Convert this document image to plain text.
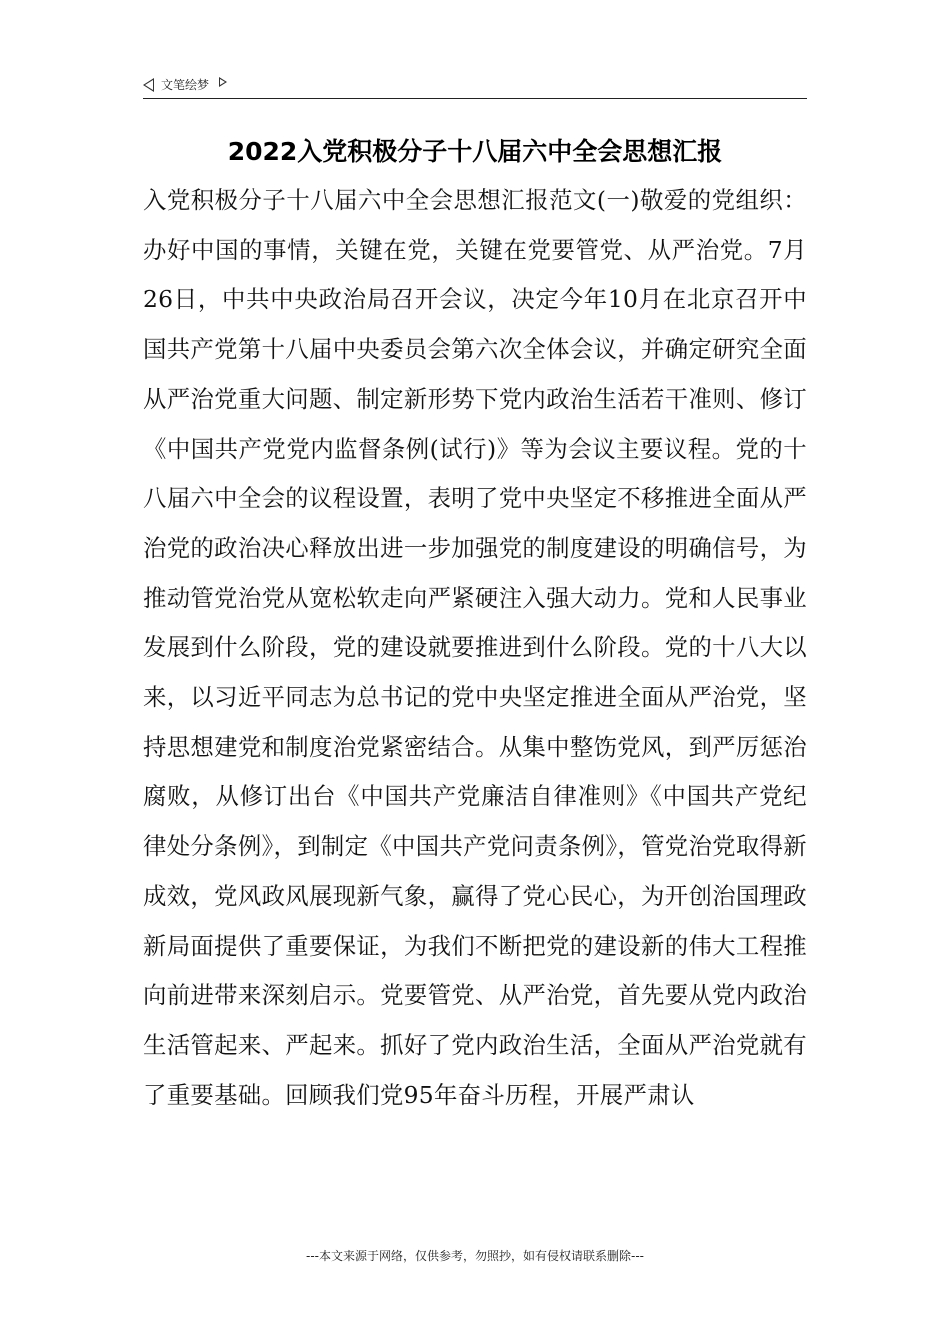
文笔绘梦
2022入党积极分子十八届六中全会思想汇报

入党积极分子十八届六中全会思想汇报范文(一)敬爱的党组织：办好中国的事情，关键在党，关键在党要管党、从严治党。7月26日，中共中央政治局召开会议，决定今年10月在北京召开中国共产党第十八届中央委员会第六次全体会议，并确定研究全面从严治党重大问题、制定新形势下党内政治生活若干准则、修订《中国共产党党内监督条例(试行)》等为会议主要议程。党的十八届六中全会的议程设置，表明了党中央坚定不移推进全面从严治党的政治决心释放出进一步加强党的制度建设的明确信号，为推动管党治党从宽松软走向严紧硬注入强大动力。党和人民事业发展到什么阶段，党的建设就要推进到什么阶段。党的十八大以来，以习近平同志为总书记的党中央坚定推进全面从严治党，坚持思想建党和制度治党紧密结合。从集中整饬党风，到严厉惩治腐败，从修订出台《中国共产党廉洁自律准则》《中国共产党纪律处分条例》，到制定《中国共产党问责条例》，管党治党取得新成效，党风政风展现新气象，赢得了党心民心，为开创治国理政新局面提供了重要保证，为我们不断把党的建设新的伟大工程推向前进带来深刻启示。党要管党、从严治党，首先要从党内政治生活管起来、严起来。抓好了党内政治生活，全面从严治党就有了重要基础。回顾我们党95年奋斗历程，开展严肃认

---本文来源于网络，仅供参考，勿照抄，如有侵权请联系删除---
